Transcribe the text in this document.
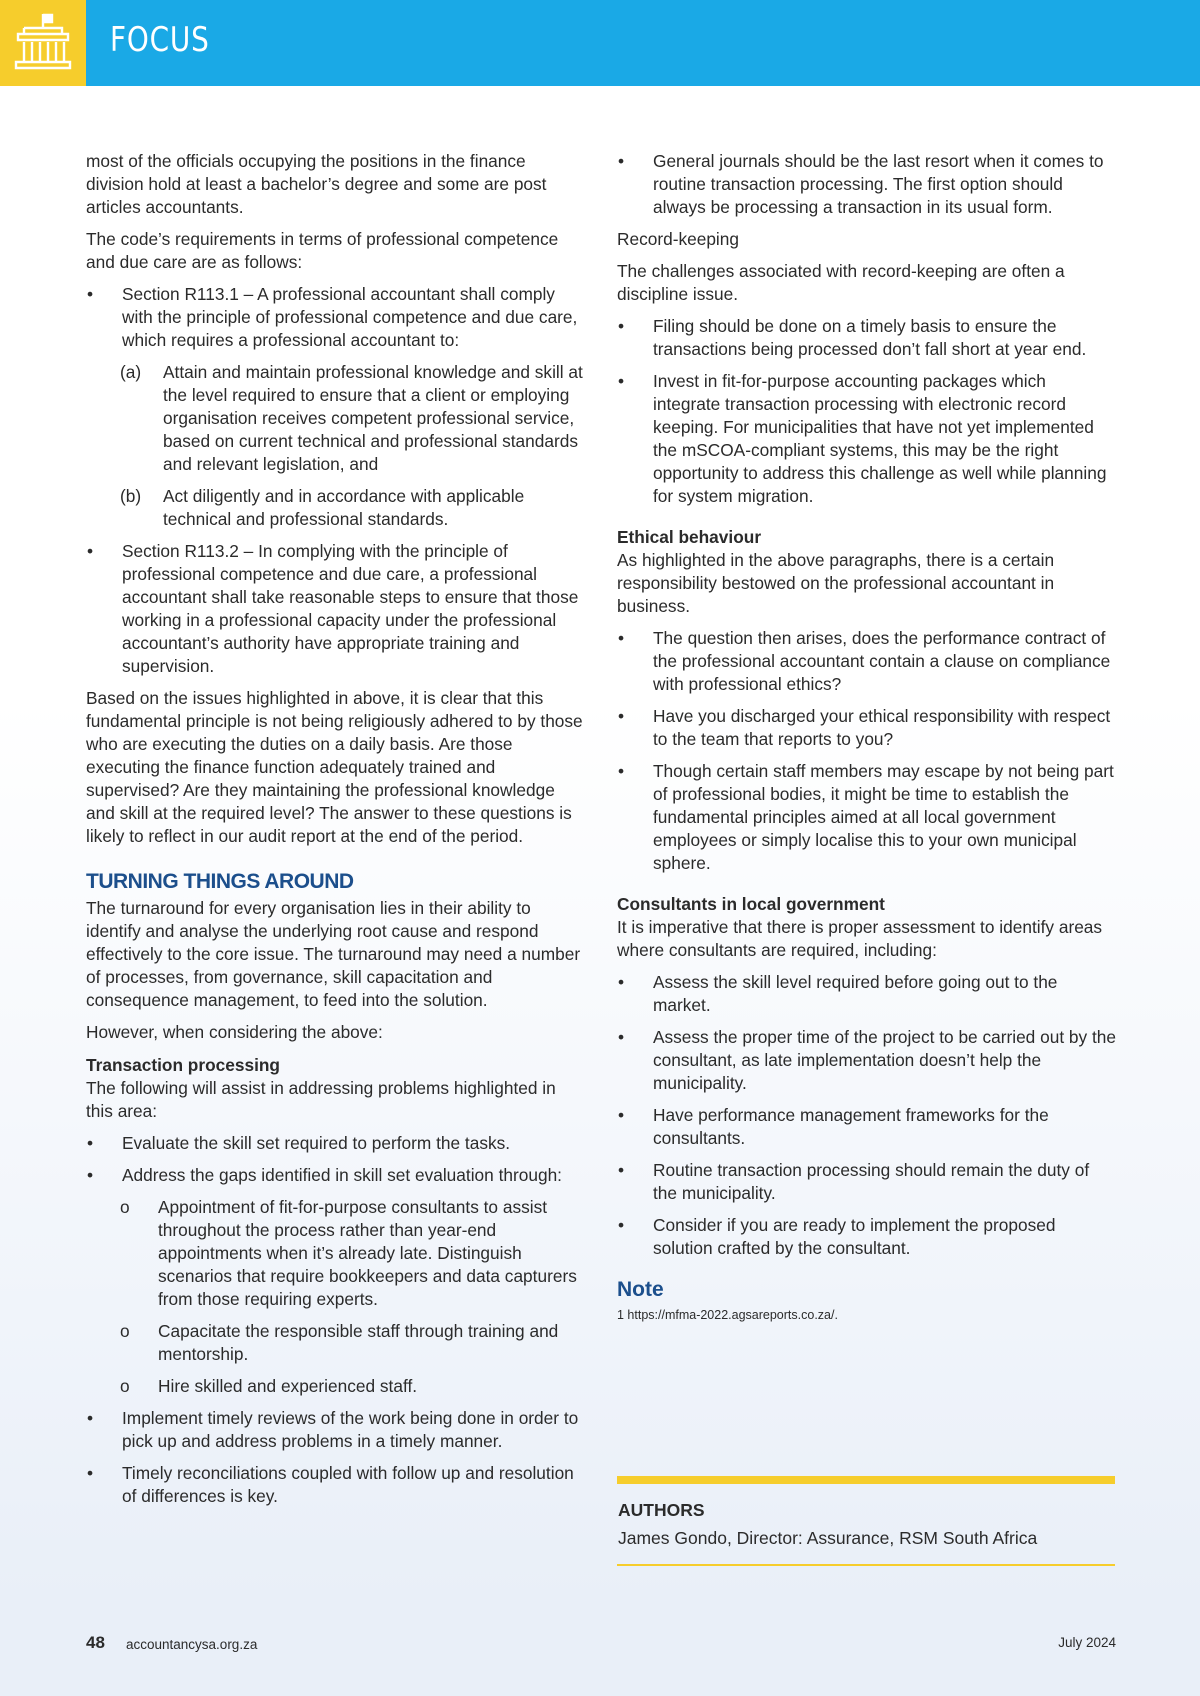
FOCUS
most of the officials occupying the positions in the finance division hold at least a bachelor’s degree and some are post articles accountants.
The code’s requirements in terms of professional competence and due care are as follows:
• Section R113.1 – A professional accountant shall comply with the principle of professional competence and due care, which requires a professional accountant to:
(a) Attain and maintain professional knowledge and skill at the level required to ensure that a client or employing organisation receives competent professional service, based on current technical and professional standards and relevant legislation, and
(b) Act diligently and in accordance with applicable technical and professional standards.
• Section R113.2 – In complying with the principle of professional competence and due care, a professional accountant shall take reasonable steps to ensure that those working in a professional capacity under the professional accountant’s authority have appropriate training and supervision.
Based on the issues highlighted in above, it is clear that this fundamental principle is not being religiously adhered to by those who are executing the duties on a daily basis. Are those executing the finance function adequately trained and supervised? Are they maintaining the professional knowledge and skill at the required level? The answer to these questions is likely to reflect in our audit report at the end of the period.
TURNING THINGS AROUND
The turnaround for every organisation lies in their ability to identify and analyse the underlying root cause and respond effectively to the core issue. The turnaround may need a number of processes, from governance, skill capacitation and consequence management, to feed into the solution.
However, when considering the above:
Transaction processing
The following will assist in addressing problems highlighted in this area:
• Evaluate the skill set required to perform the tasks.
• Address the gaps identified in skill set evaluation through:
o Appointment of fit-for-purpose consultants to assist throughout the process rather than year-end appointments when it’s already late. Distinguish scenarios that require bookkeepers and data capturers from those requiring experts.
o Capacitate the responsible staff through training and mentorship.
o Hire skilled and experienced staff.
• Implement timely reviews of the work being done in order to pick up and address problems in a timely manner.
• Timely reconciliations coupled with follow up and resolution of differences is key.
• General journals should be the last resort when it comes to routine transaction processing. The first option should always be processing a transaction in its usual form.
Record-keeping
The challenges associated with record-keeping are often a discipline issue.
• Filing should be done on a timely basis to ensure the transactions being processed don’t fall short at year end.
• Invest in fit-for-purpose accounting packages which integrate transaction processing with electronic record keeping. For municipalities that have not yet implemented the mSCOA-compliant systems, this may be the right opportunity to address this challenge as well while planning for system migration.
Ethical behaviour
As highlighted in the above paragraphs, there is a certain responsibility bestowed on the professional accountant in business.
• The question then arises, does the performance contract of the professional accountant contain a clause on compliance with professional ethics?
• Have you discharged your ethical responsibility with respect to the team that reports to you?
• Though certain staff members may escape by not being part of professional bodies, it might be time to establish the fundamental principles aimed at all local government employees or simply localise this to your own municipal sphere.
Consultants in local government
It is imperative that there is proper assessment to identify areas where consultants are required, including:
• Assess the skill level required before going out to the market.
• Assess the proper time of the project to be carried out by the consultant, as late implementation doesn’t help the municipality.
• Have performance management frameworks for the consultants.
• Routine transaction processing should remain the duty of the municipality.
• Consider if you are ready to implement the proposed solution crafted by the consultant.
Note
1 https://mfma-2022.agsareports.co.za/.
AUTHORS
James Gondo, Director: Assurance, RSM South Africa
48 accountancysa.org.za	July 2024
